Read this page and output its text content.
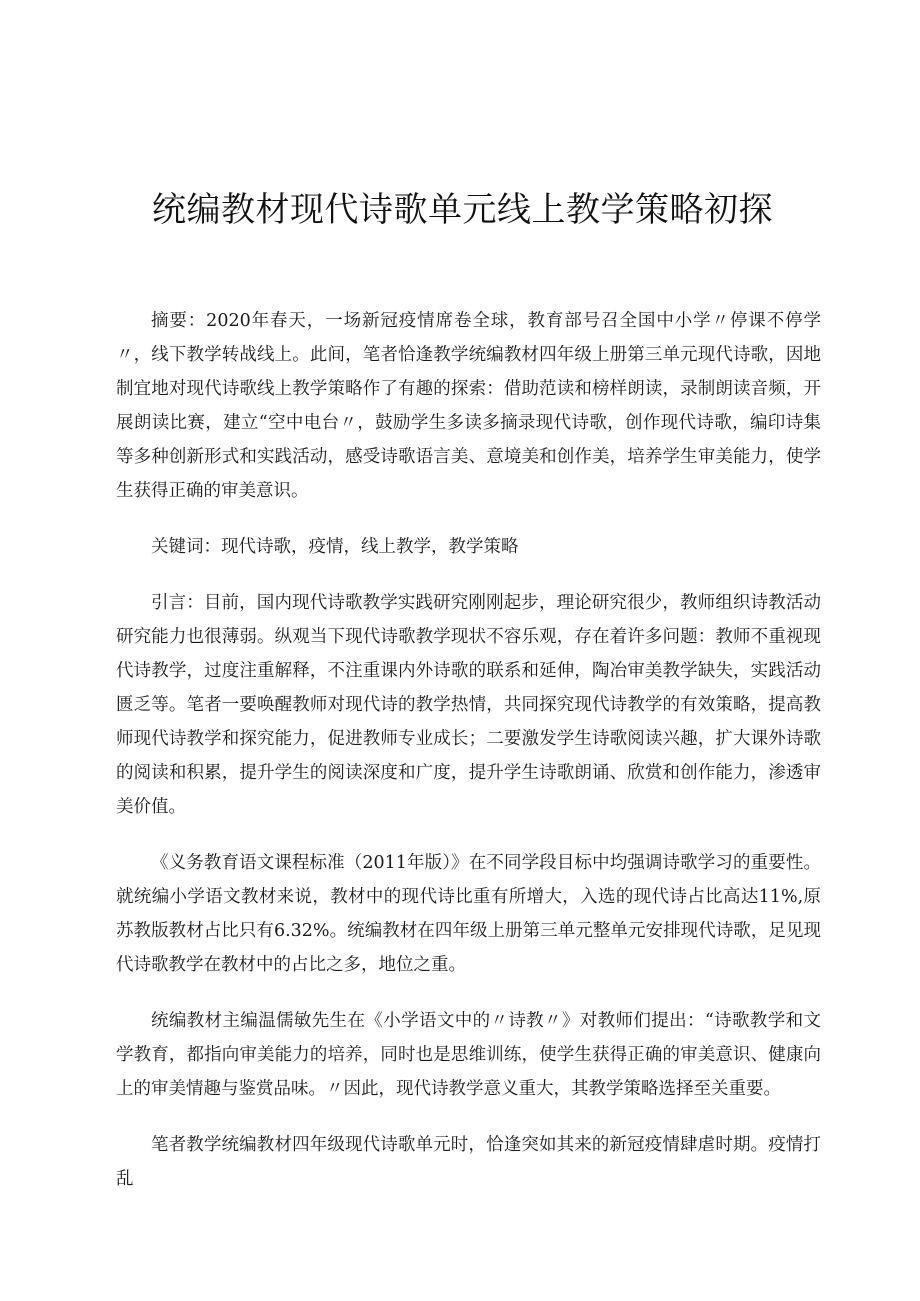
统编教材现代诗歌单元线上教学策略初探

摘要：2020年春天，一场新冠疫情席卷全球，教育部号召全国中小学〃停课不停学〃，线下教学转战线上。此间，笔者恰逢教学统编教材四年级上册第三单元现代诗歌，因地制宜地对现代诗歌线上教学策略作了有趣的探索：借助范读和榜样朗读，录制朗读音频，开展朗读比赛，建立“空中电台〃，鼓励学生多读多摘录现代诗歌，创作现代诗歌，编印诗集等多种创新形式和实践活动，感受诗歌语言美、意境美和创作美，培养学生审美能力，使学生获得正确的审美意识。

关键词：现代诗歌，疫情，线上教学，教学策略

引言：目前，国内现代诗歌教学实践研究刚刚起步，理论研究很少，教师组织诗教活动研究能力也很薄弱。纵观当下现代诗歌教学现状不容乐观，存在着许多问题：教师不重视现代诗教学，过度注重解释，不注重课内外诗歌的联系和延伸，陶冶审美教学缺失，实践活动匮乏等。笔者一要唤醒教师对现代诗的教学热情，共同探究现代诗教学的有效策略，提高教师现代诗教学和探究能力，促进教师专业成长；二要激发学生诗歌阅读兴趣，扩大课外诗歌的阅读和积累，提升学生的阅读深度和广度，提升学生诗歌朗诵、欣赏和创作能力，渗透审美价值。

《义务教育语文课程标准（2011年版）》在不同学段目标中均强调诗歌学习的重要性。就统编小学语文教材来说，教材中的现代诗比重有所增大，入选的现代诗占比高达11%,原苏教版教材占比只有6.32%。统编教材在四年级上册第三单元整单元安排现代诗歌，足见现代诗歌教学在教材中的占比之多，地位之重。

统编教材主编温儒敏先生在《小学语文中的〃诗教〃》对教师们提出：“诗歌教学和文学教育，都指向审美能力的培养，同时也是思维训练，使学生获得正确的审美意识、健康向上的审美情趣与鉴赏品味。〃因此，现代诗教学意义重大，其教学策略选择至关重要。

笔者教学统编教材四年级现代诗歌单元时，恰逢突如其来的新冠疫情肆虐时期。疫情打乱
